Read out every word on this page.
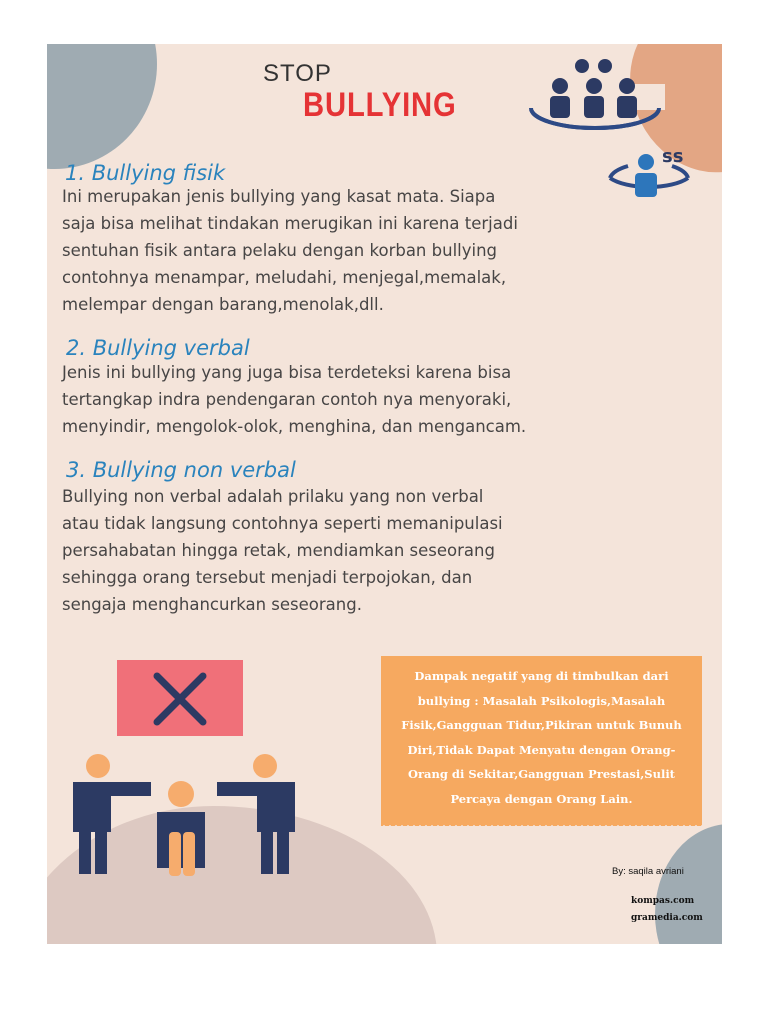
STOP

BULLYING

ss

1. Bullying fisik

Ini merupakan jenis bullying yang kasat mata. Siapa
saja bisa melihat tindakan merugikan ini karena terjadi
sentuhan fisik antara pelaku dengan korban bullying
contohnya menampar, meludahi, menjegal,memalak,
melempar dengan barang,menolak,dll.

2. Bullying verbal

Jenis ini bullying yang juga bisa terdeteksi karena bisa
tertangkap indra pendengaran contoh nya menyoraki,
menyindir, mengolok-olok, menghina, dan mengancam.

3. Bullying non verbal

Bullying non verbal adalah prilaku yang non verbal
atau tidak langsung contohnya seperti memanipulasi
persahabatan hingga retak, mendiamkan seseorang
sehingga orang tersebut menjadi terpojokan, dan
sengaja menghancurkan seseorang.

Dampak negatif yang di timbulkan dari bullying : Masalah Psikologis,Masalah Fisik,Gangguan Tidur,Pikiran untuk Bunuh Diri,Tidak Dapat Menyatu dengan Orang-Orang di Sekitar,Gangguan Prestasi,Sulit Percaya dengan Orang Lain.

By: saqila avriani

kompas.com

gramedia.com
